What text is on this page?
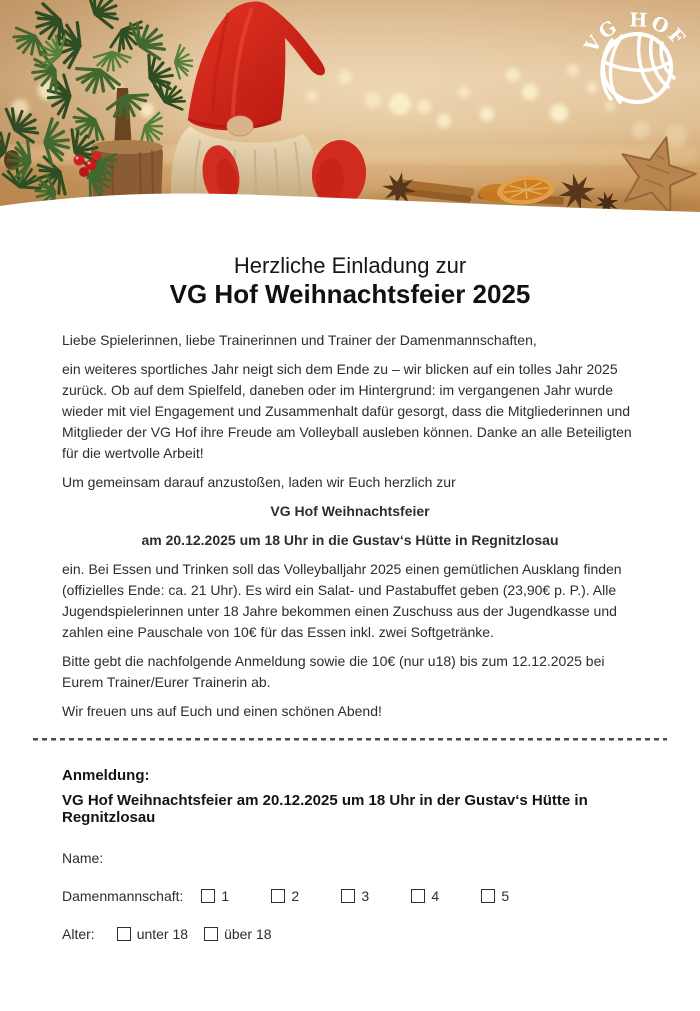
VG HOF
Herzliche Einladung zur
VG Hof Weihnachtsfeier 2025

Liebe Spielerinnen, liebe Trainerinnen und Trainer der Damenmannschaften,

ein weiteres sportliches Jahr neigt sich dem Ende zu – wir blicken auf ein tolles Jahr 2025 zurück. Ob auf dem Spielfeld, daneben oder im Hintergrund: im vergangenen Jahr wurde wieder mit viel Engagement und Zusammenhalt dafür gesorgt, dass die Mitgliederinnen und Mitglieder der VG Hof ihre Freude am Volleyball ausleben können. Danke an alle Beteiligten für die wertvolle Arbeit!

Um gemeinsam darauf anzustoßen, laden wir Euch herzlich zur

VG Hof Weihnachtsfeier

am 20.12.2025 um 18 Uhr in die Gustav‘s Hütte in Regnitzlosau

ein. Bei Essen und Trinken soll das Volleyballjahr 2025 einen gemütlichen Ausklang finden (offizielles Ende: ca. 21 Uhr). Es wird ein Salat- und Pastabuffet geben (23,90€ p. P.). Alle Jugendspielerinnen unter 18 Jahre bekommen einen Zuschuss aus der Jugendkasse und zahlen eine Pauschale von 10€ für das Essen inkl. zwei Softgetränke.

Bitte gebt die nachfolgende Anmeldung sowie die 10€ (nur u18) bis zum 12.12.2025 bei Eurem Trainer/Eurer Trainerin ab.

Wir freuen uns auf Euch und einen schönen Abend!

Anmeldung:
VG Hof Weihnachtsfeier am 20.12.2025 um 18 Uhr in der Gustav‘s Hütte in Regnitzlosau
Name:
Damenmannschaft:	1	2	3	4	5
Alter:	unter 18	über 18
